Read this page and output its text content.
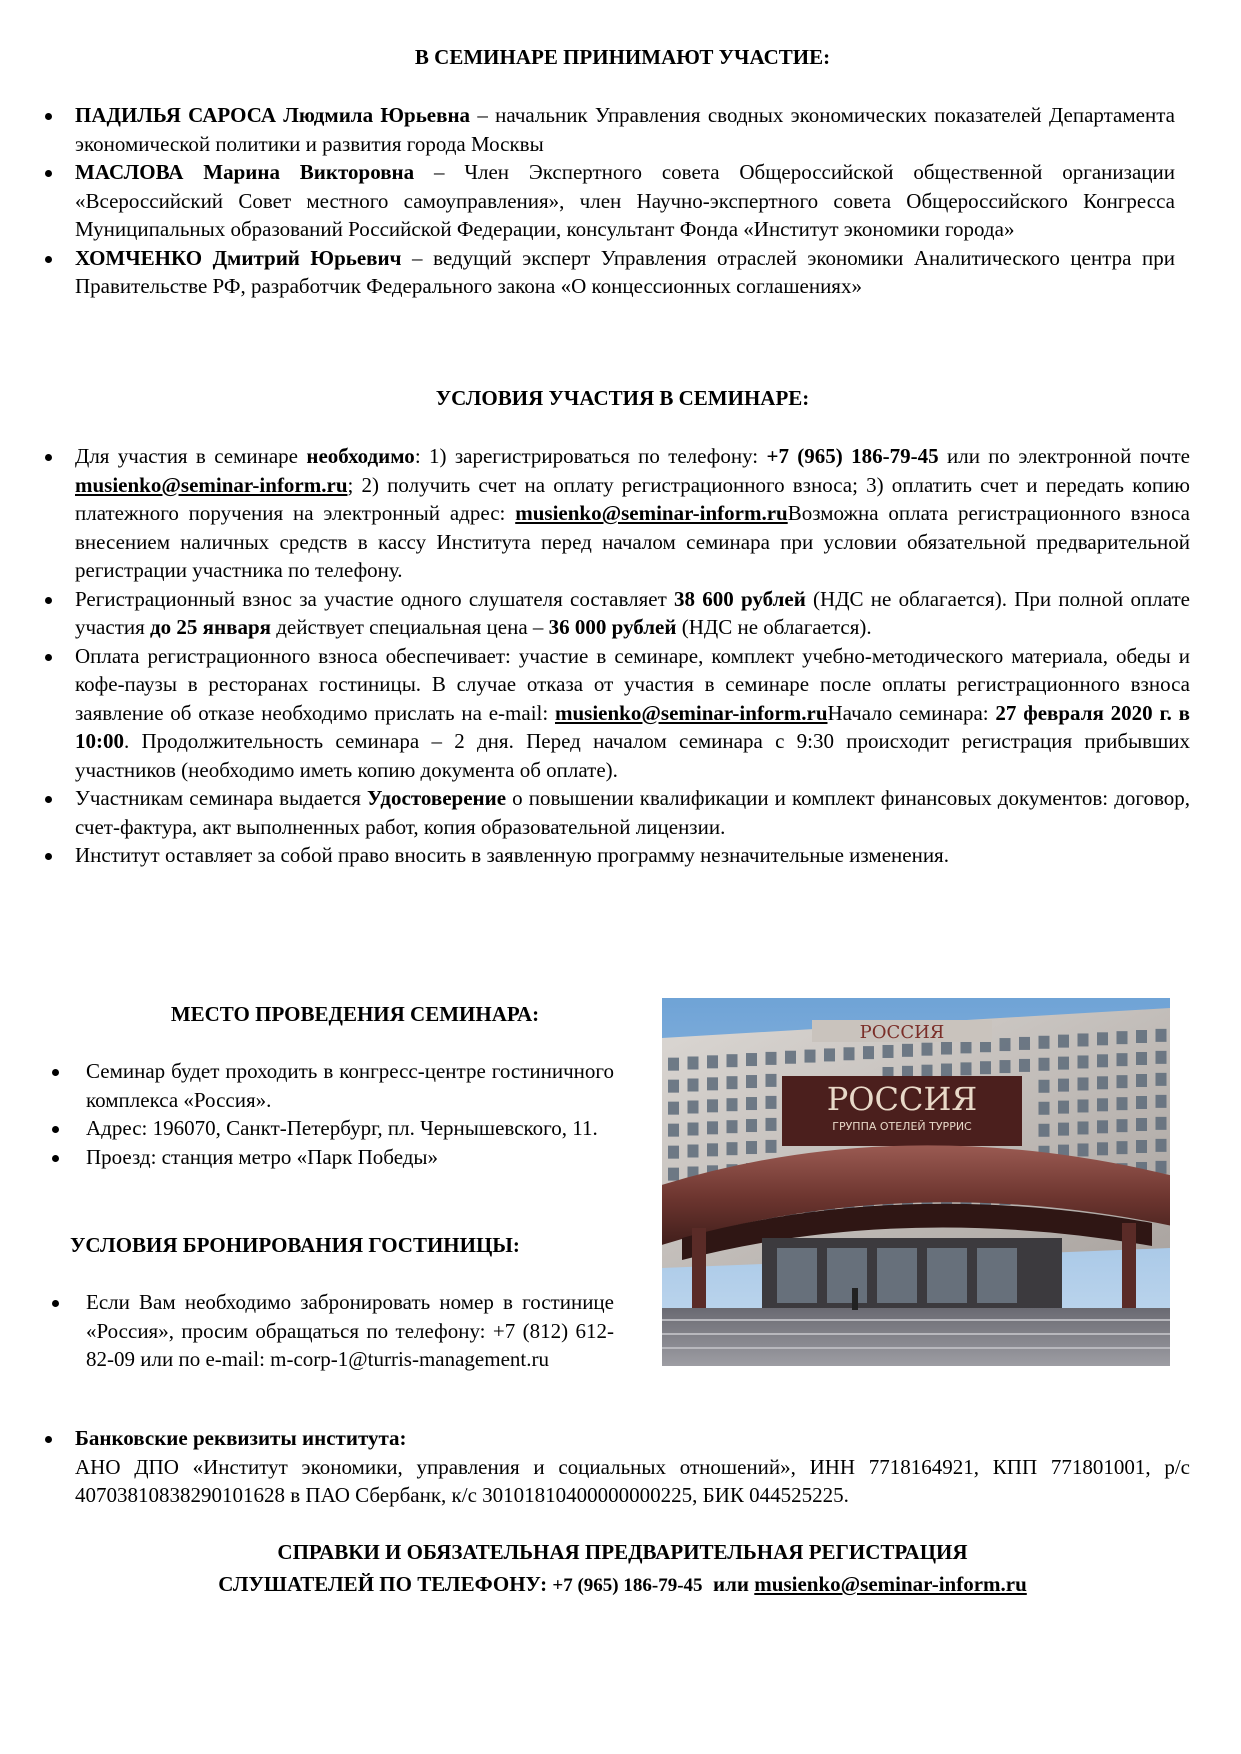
В СЕМИНАРЕ ПРИНИМАЮТ УЧАСТИЕ:
ПАДИЛЬЯ САРОСА Людмила Юрьевна – начальник Управления сводных экономических показателей Департамента экономической политики и развития города Москвы
МАСЛОВА Марина Викторовна – Член Экспертного совета Общероссийской общественной организации «Всероссийский Совет местного самоуправления», член Научно-экспертного совета Общероссийского Конгресса Муниципальных образований Российской Федерации, консультант Фонда «Институт экономики города»
ХОМЧЕНКО Дмитрий Юрьевич – ведущий эксперт Управления отраслей экономики Аналитического центра при Правительстве РФ, разработчик Федерального закона «О концессионных соглашениях»
УСЛОВИЯ УЧАСТИЯ В СЕМИНАРЕ:
Для участия в семинаре необходимо: 1) зарегистрироваться по телефону: +7 (965) 186-79-45 или по электронной почте musienko@seminar-inform.ru; 2) получить счет на оплату регистрационного взноса; 3) оплатить счет и передать копию платежного поручения на электронный адрес: musienko@seminar-inform.ruВозможна оплата регистрационного взноса внесением наличных средств в кассу Института перед началом семинара при условии обязательной предварительной регистрации участника по телефону.
Регистрационный взнос за участие одного слушателя составляет 38 600 рублей (НДС не облагается). При полной оплате участия до 25 января действует специальная цена – 36 000 рублей (НДС не облагается).
Оплата регистрационного взноса обеспечивает: участие в семинаре, комплект учебно-методического материала, обеды и кофе-паузы в ресторанах гостиницы. В случае отказа от участия в семинаре после оплаты регистрационного взноса заявление об отказе необходимо прислать на e-mail: musienko@seminar-inform.ruНачало семинара: 27 февраля 2020 г. в 10:00. Продолжительность семинара – 2 дня. Перед началом семинара с 9:30 происходит регистрация прибывших участников (необходимо иметь копию документа об оплате).
Участникам семинара выдается Удостоверение о повышении квалификации и комплект финансовых документов: договор, счет-фактура, акт выполненных работ, копия образовательной лицензии.
Институт оставляет за собой право вносить в заявленную программу незначительные изменения.
МЕСТО ПРОВЕДЕНИЯ СЕМИНАРА:
Семинар будет проходить в конгресс-центре гостиничного комплекса «Россия».
Адрес: 196070, Санкт-Петербург, пл. Чернышевского, 11.
Проезд: станция метро «Парк Победы»
УСЛОВИЯ БРОНИРОВАНИЯ ГОСТИНИЦЫ:
Если Вам необходимо забронировать номер в гостинице «Россия», просим обращаться по телефону: +7 (812) 612-82-09 или по e-mail: m-corp-1@turris-management.ru
РОССИЯ
РОССИЯ
ГРУППА ОТЕЛЕЙ ТУРРИС
Банковские реквизиты института:
АНО ДПО «Институт экономики, управления и социальных отношений», ИНН 7718164921, КПП 771801001, р/с 40703810838290101628 в ПАО Сбербанк, к/с 30101810400000000225, БИК 044525225.
СПРАВКИ И ОБЯЗАТЕЛЬНАЯ ПРЕДВАРИТЕЛЬНАЯ РЕГИСТРАЦИЯ
СЛУШАТЕЛЕЙ ПО ТЕЛЕФОНУ: +7 (965) 186-79-45  или musienko@seminar-inform.ru
